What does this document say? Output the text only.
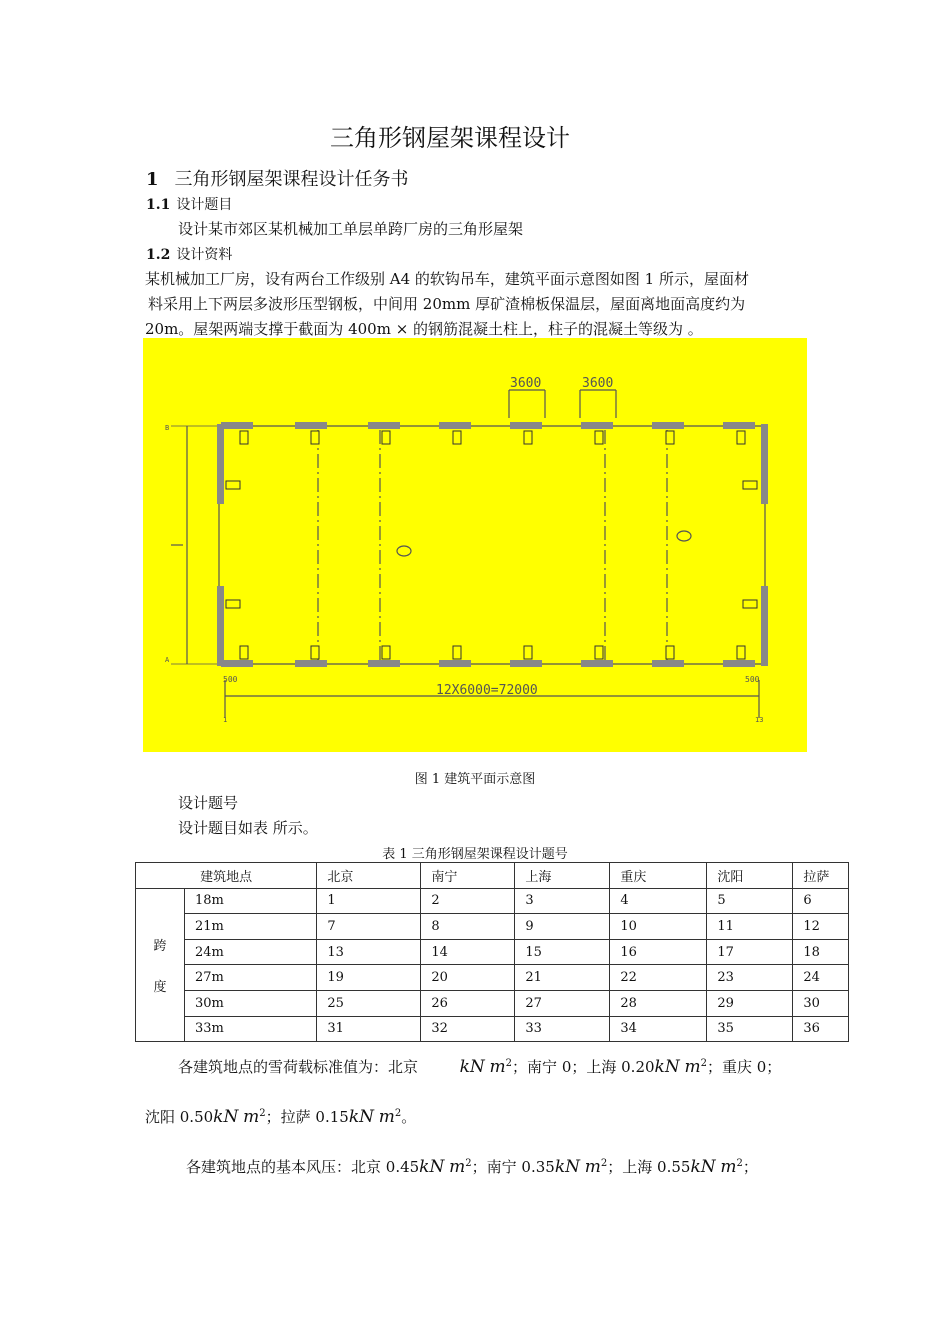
三角形钢屋架课程设计
1 三角形钢屋架课程设计任务书
1.1 设计题目
设计某市郊区某机械加工单层单跨厂房的三角形屋架
1.2 设计资料
某机械加工厂房，设有两台工作级别 A4 的软钩吊车，建筑平面示意图如图 1 所示，屋面材
料采用上下两层多波形压型钢板，中间用 20mm 厚矿渣棉板保温层，屋面离地面高度约为
20m。屋架两端支撑于截面为 400m × 的钢筋混凝土柱上，柱子的混凝土等级为 。
3600	3600
12X6000=72000
500	500
B
A
1	13
图 1 建筑平面示意图
设计题号
设计题目如表 所示。
表 1 三角形钢屋架课程设计题号
建筑地点		北京	南宁	上海	重庆	沈阳	拉萨

跨
度	18m	1	2	3	4	5	6
	21m	7	8	9	10	11	12
	24m	13	14	15	16	17	18
	27m	19	20	21	22	23	24
	30m	25	26	27	28	29	30
	33m	31	32	33	34	35	36
各建筑地点的雪荷载标准值为：北京 kN $m^2$；南宁 0；上海 0.20kN $m^2$；重庆 0；
沈阳 0.50kN $m^2$；拉萨 0.15kN $m^2$。
各建筑地点的基本风压：北京 0.45kN $m^2$；南宁 0.35kN $m^2$；上海 0.55kN $m^2$；
